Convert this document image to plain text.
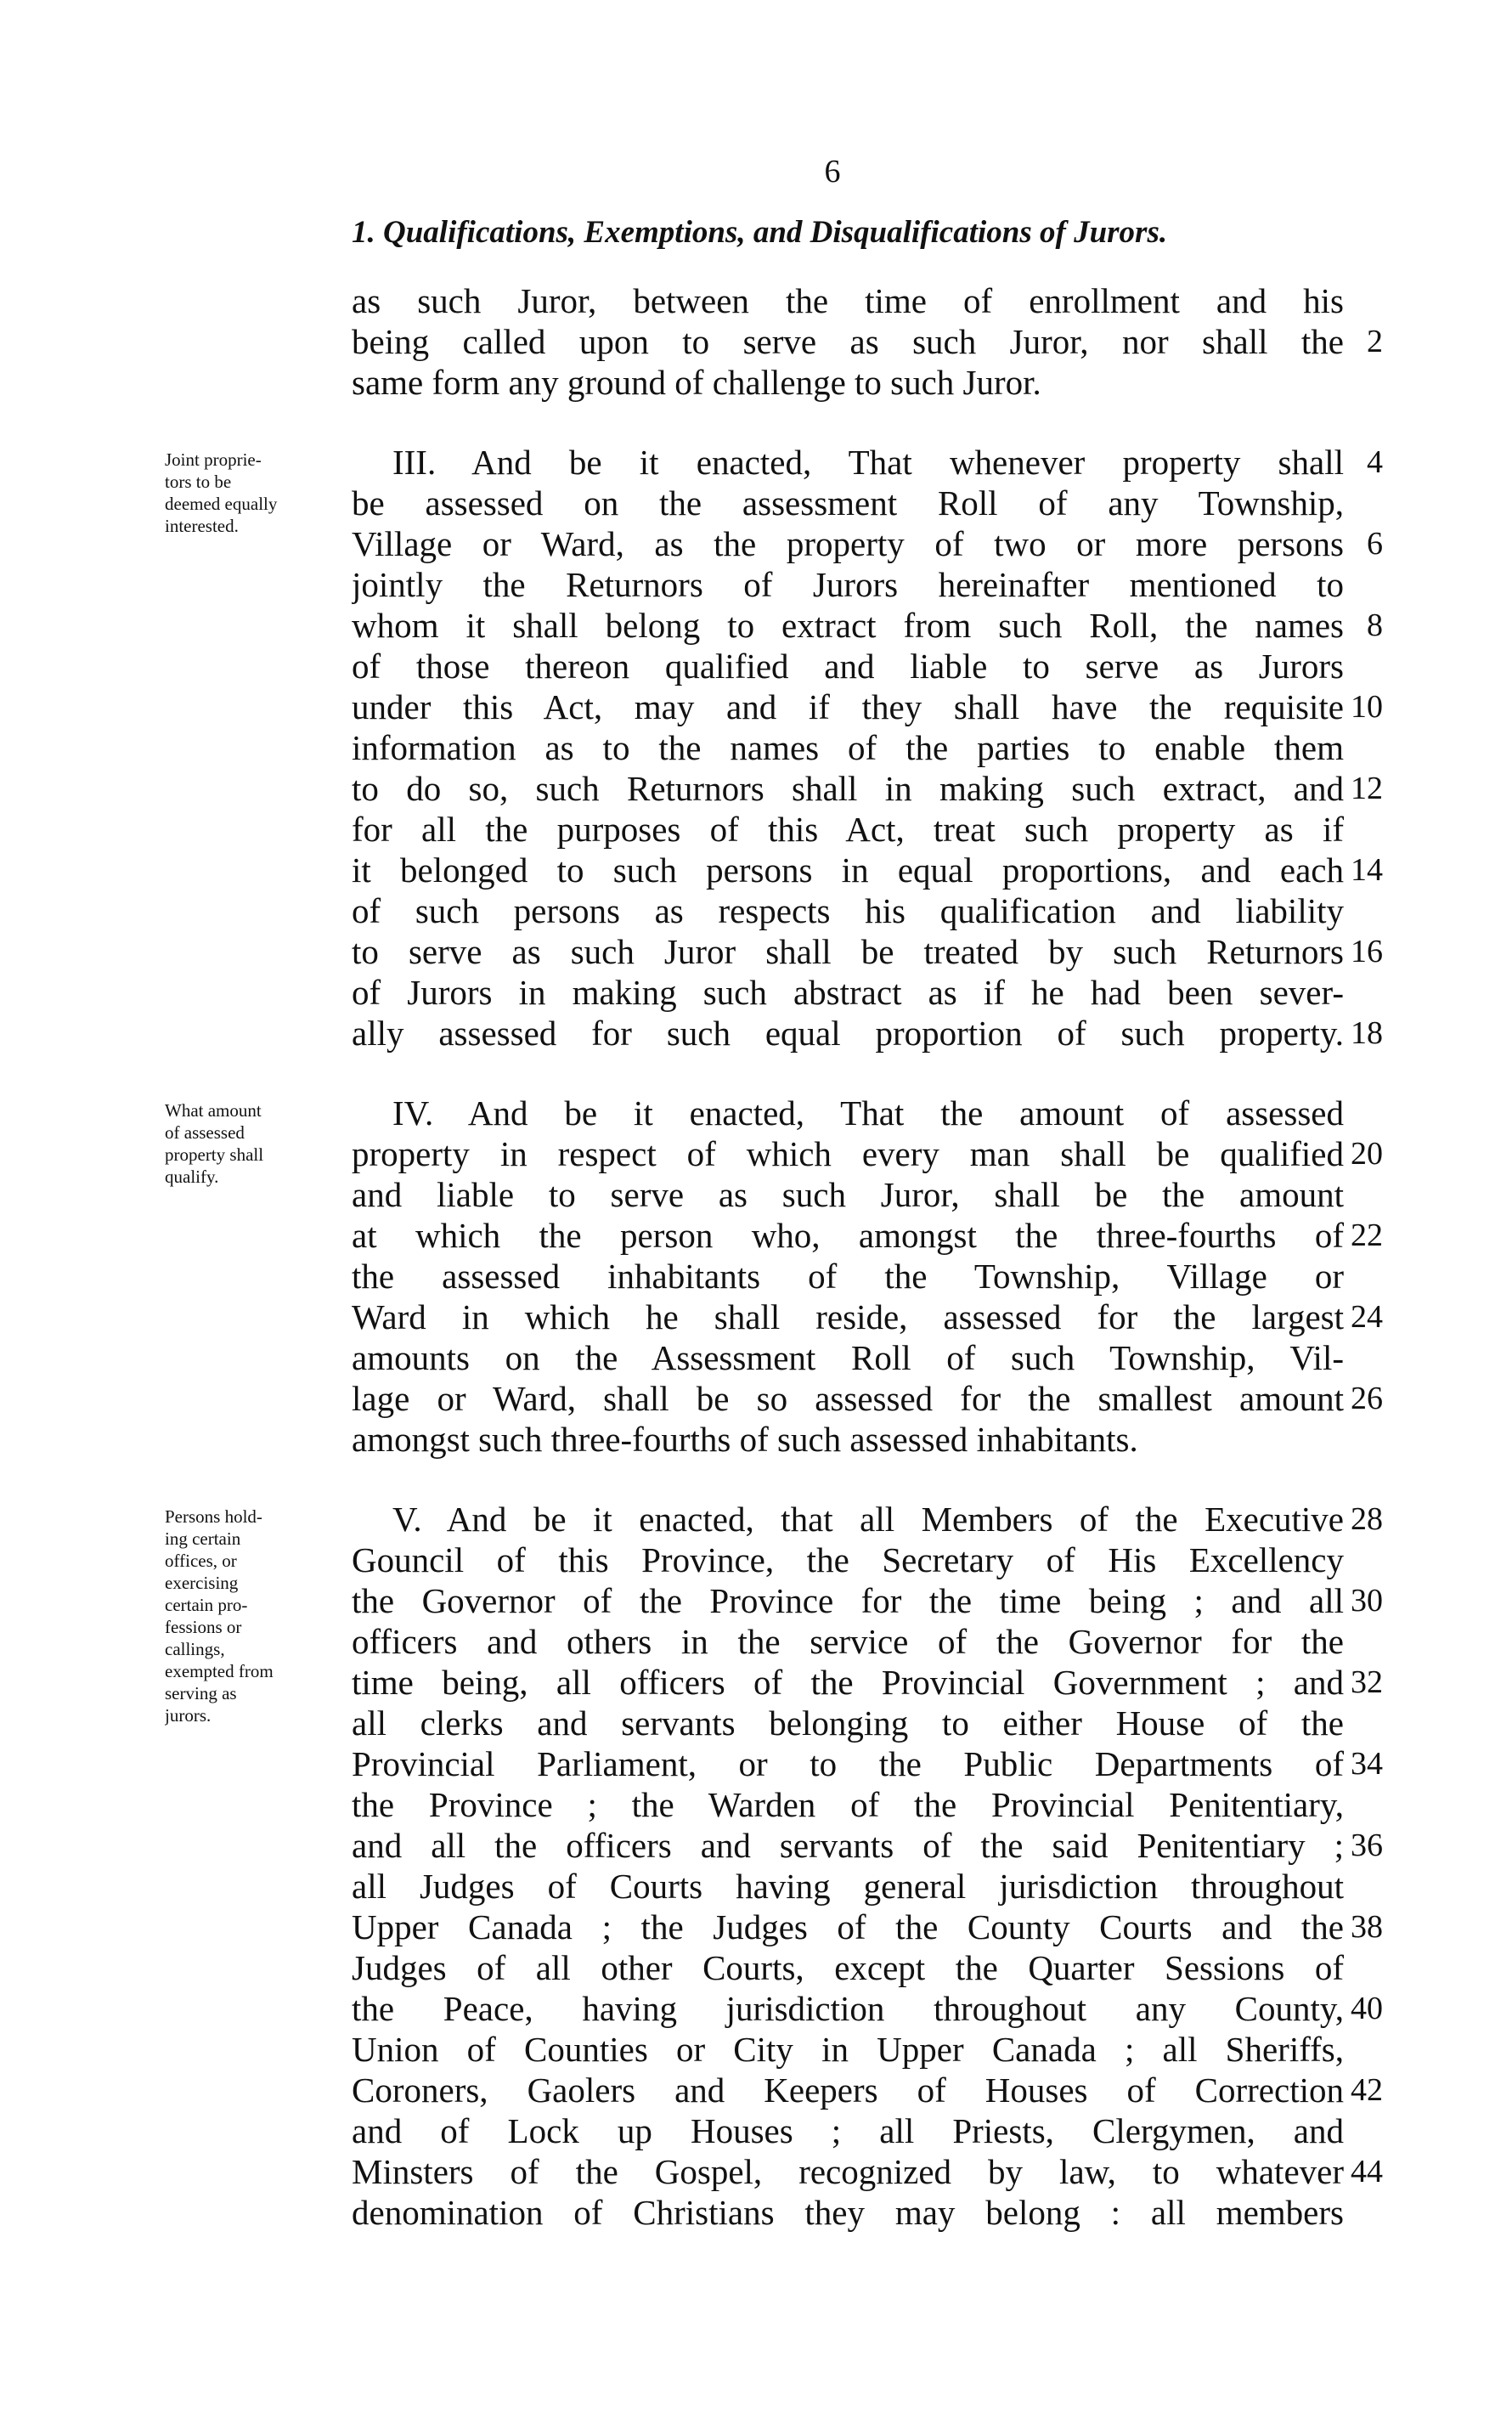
6
1. Qualifications, Exemptions, and Disqualifications of Jurors.
as such Juror, between the time of enrollment and his
being called upon to serve as such Juror, nor shall the
same form any ground of challenge to such Juror.
III. And be it enacted, That whenever property shall
be assessed on the assessment Roll of any Township,
Village or Ward, as the property of two or more persons
jointly the Returnors of Jurors hereinafter mentioned to
whom it shall belong to extract from such Roll, the names
of those thereon qualified and liable to serve as Jurors
under this Act, may and if they shall have the requisite
information as to the names of the parties to enable them
to do so, such Returnors shall in making such extract, and
for all the purposes of this Act, treat such property as if
it belonged to such persons in equal proportions, and each
of such persons as respects his qualification and liability
to serve as such Juror shall be treated by such Returnors
of Jurors in making such abstract as if he had been sever-
ally assessed for such equal proportion of such property.
IV. And be it enacted, That the amount of assessed
property in respect of which every man shall be qualified
and liable to serve as such Juror, shall be the amount
at which the person who, amongst the three-fourths of
the assessed inhabitants of the Township, Village or
Ward in which he shall reside, assessed for the largest
amounts on the Assessment Roll of such Township, Vil-
lage or Ward, shall be so assessed for the smallest amount
amongst such three-fourths of such assessed inhabitants.
V. And be it enacted, that all Members of the Executive
Gouncil of this Province, the Secretary of His Excellency
the Governor of the Province for the time being ; and all
officers and others in the service of the Governor for the
time being, all officers of the Provincial Government ; and
all clerks and servants belonging to either House of the
Provincial Parliament, or to the Public Departments of
the Province ; the Warden of the Provincial Penitentiary,
and all the officers and servants of the said Penitentiary ;
all Judges of Courts having general jurisdiction throughout
Upper Canada ; the Judges of the County Courts and the
Judges of all other Courts, except the Quarter Sessions of
the Peace, having jurisdiction throughout any County,
Union of Counties or City in Upper Canada ; all Sheriffs,
Coroners, Gaolers and Keepers of Houses of Correction
and of Lock up Houses ; all Priests, Clergymen, and
Minsters of the Gospel, recognized by law, to whatever
denomination of Christians they may belong : all members
2
4
6
8
10
12
14
16
18
20
22
24
26
28
30
32
34
36
38
40
42
44
Joint proprie-
tors to be
deemed equally
interested.
What amount
of assessed
property shall
qualify.
Persons hold-
ing certain
offices, or
exercising
certain pro-
fessions or
callings,
exempted from
serving as
jurors.
